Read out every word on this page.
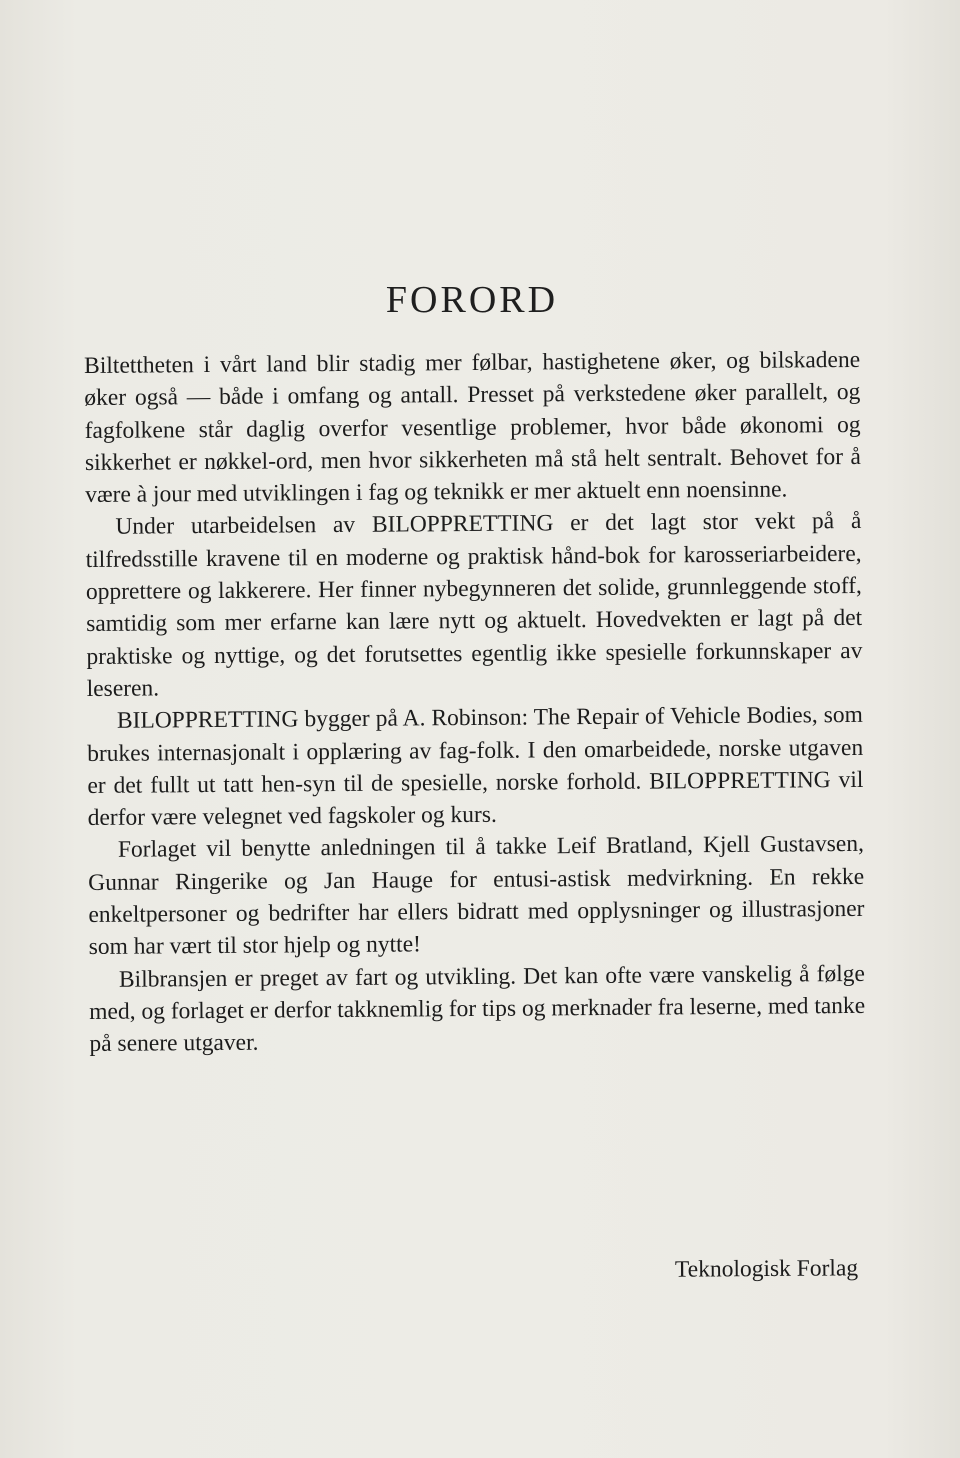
FORORD

Biltettheten i vårt land blir stadig mer følbar, hastighetene øker, og bilskadene øker også — både i omfang og antall. Presset på verkstedene øker parallelt, og fagfolkene står daglig overfor vesentlige problemer, hvor både økonomi og sikkerhet er nøkkel-ord, men hvor sikkerheten må stå helt sentralt. Behovet for å være à jour med utviklingen i fag og teknikk er mer aktuelt enn noensinne.

Under utarbeidelsen av BILOPPRETTING er det lagt stor vekt på å tilfredsstille kravene til en moderne og praktisk hånd-bok for karosseriarbeidere, opprettere og lakkerere. Her finner nybegynneren det solide, grunnleggende stoff, samtidig som mer erfarne kan lære nytt og aktuelt. Hovedvekten er lagt på det praktiske og nyttige, og det forutsettes egentlig ikke spesielle forkunnskaper av leseren.

BILOPPRETTING bygger på A. Robinson: The Repair of Vehicle Bodies, som brukes internasjonalt i opplæring av fag-folk. I den omarbeidede, norske utgaven er det fullt ut tatt hen-syn til de spesielle, norske forhold. BILOPPRETTING vil derfor være velegnet ved fagskoler og kurs.

Forlaget vil benytte anledningen til å takke Leif Bratland, Kjell Gustavsen, Gunnar Ringerike og Jan Hauge for entusi-astisk medvirkning. En rekke enkeltpersoner og bedrifter har ellers bidratt med opplysninger og illustrasjoner som har vært til stor hjelp og nytte!

Bilbransjen er preget av fart og utvikling. Det kan ofte være vanskelig å følge med, og forlaget er derfor takknemlig for tips og merknader fra leserne, med tanke på senere utgaver.

Teknologisk Forlag
